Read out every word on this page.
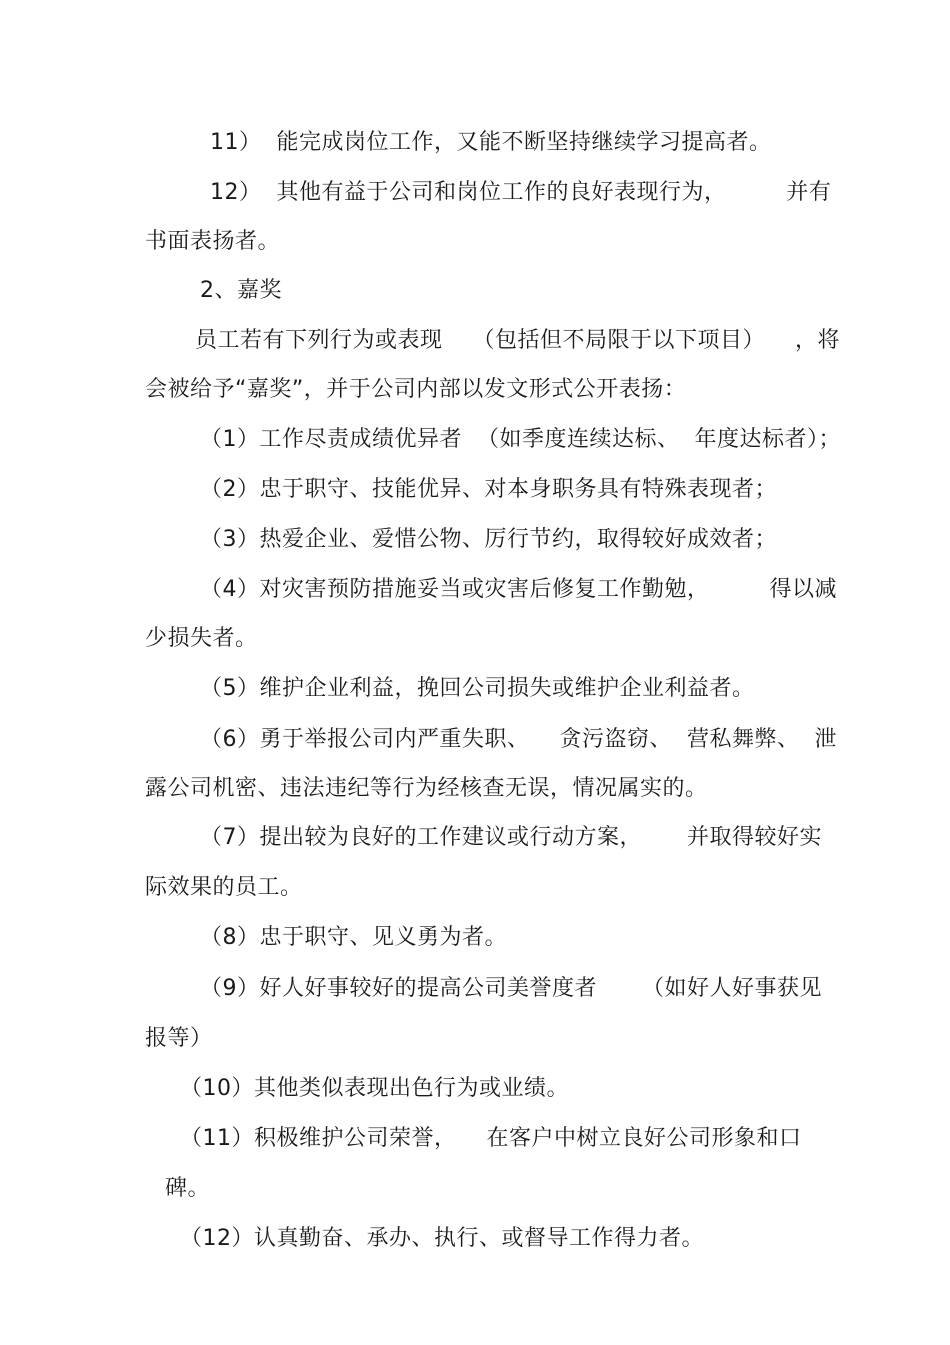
11）  能完成岗位工作，又能不断坚持继续学习提高者。
12）  其他有益于公司和岗位工作的良好表现行为，        并有
书面表扬者。
2、嘉奖
员工若有下列行为或表现    （包括但不局限于以下项目）    ，将
会被给予“嘉奖”，并于公司内部以发文形式公开表扬：
（1）工作尽责成绩优异者  （如季度连续达标、  年度达标者）；
（2）忠于职守、技能优异、对本身职务具有特殊表现者；
（3）热爱企业、爱惜公物、厉行节约，取得较好成效者；
（4）对灾害预防措施妥当或灾害后修复工作勤勉，        得以减
少损失者。
（5）维护企业利益，挽回公司损失或维护企业利益者。
（6）勇于举报公司内严重失职、    贪污盗窃、  营私舞弊、  泄
露公司机密、违法违纪等行为经核查无误，情况属实的。
（7）提出较为良好的工作建议或行动方案，      并取得较好实
际效果的员工。
（8）忠于职守、见义勇为者。
（9）好人好事较好的提高公司美誉度者      （如好人好事获见
报等）
（10）其他类似表现出色行为或业绩。
（11）积极维护公司荣誉，    在客户中树立良好公司形象和口
碑。
（12）认真勤奋、承办、执行、或督导工作得力者。
